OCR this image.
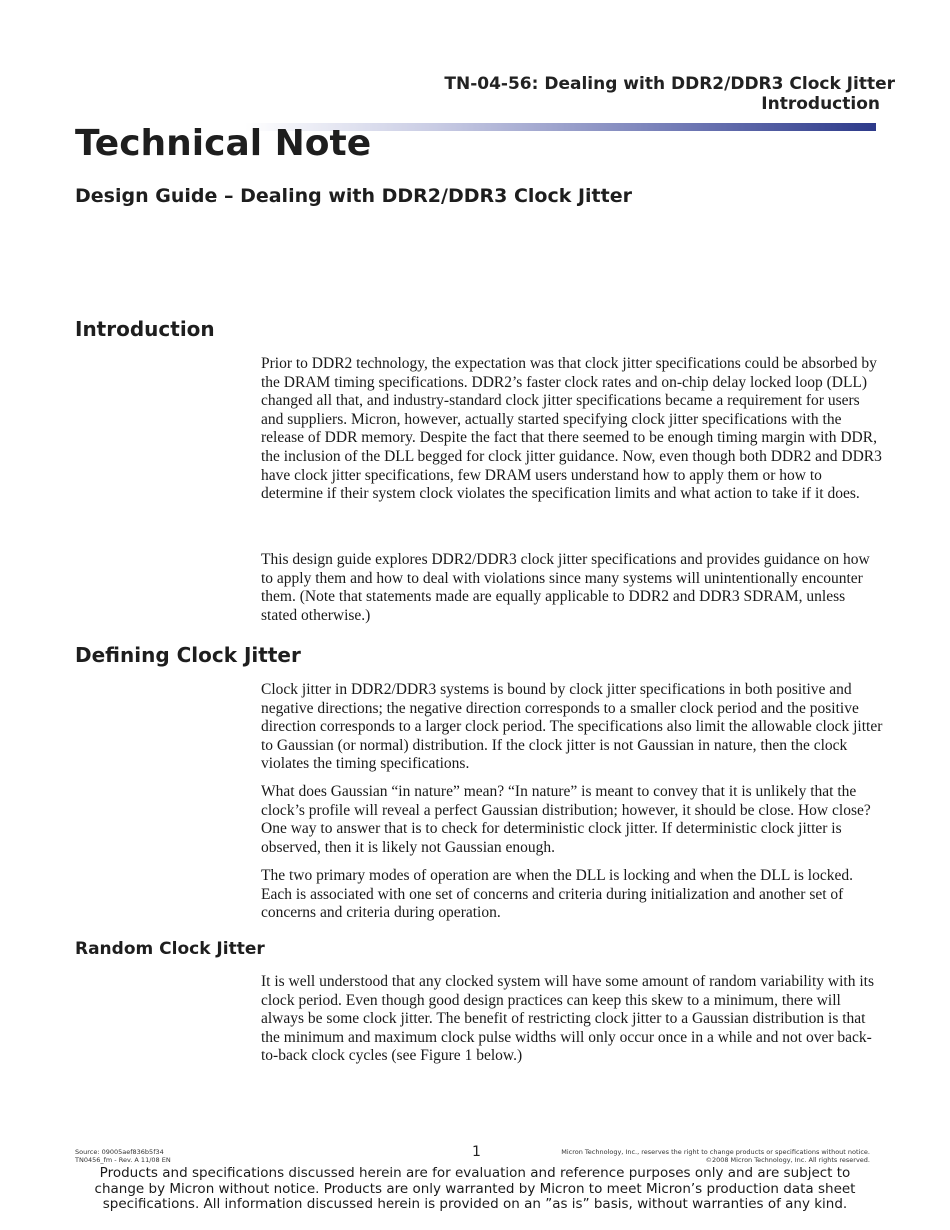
TN-04-56: Dealing with DDR2/DDR3 Clock Jitter
Introduction
Technical Note
Design Guide – Dealing with DDR2/DDR3 Clock Jitter
Introduction

Prior to DDR2 technology, the expectation was that clock jitter specifications could be absorbed by the DRAM timing specifications. DDR2’s faster clock rates and on-chip delay locked loop (DLL) changed all that, and industry-standard clock jitter specifications became a requirement for users and suppliers. Micron, however, actually started specifying clock jitter specifications with the release of DDR memory. Despite the fact that there seemed to be enough timing margin with DDR, the inclusion of the DLL begged for clock jitter guidance. Now, even though both DDR2 and DDR3 have clock jitter specifications, few DRAM users understand how to apply them or how to determine if their system clock violates the specification limits and what action to take if it does.

This design guide explores DDR2/DDR3 clock jitter specifications and provides guidance on how to apply them and how to deal with violations since many systems will unintentionally encounter them. (Note that statements made are equally applicable to DDR2 and DDR3 SDRAM, unless stated otherwise.)

Defining Clock Jitter

Clock jitter in DDR2/DDR3 systems is bound by clock jitter specifications in both positive and negative directions; the negative direction corresponds to a smaller clock period and the positive direction corresponds to a larger clock period. The specifications also limit the allowable clock jitter to Gaussian (or normal) distribution. If the clock jitter is not Gaussian in nature, then the clock violates the timing specifications.

What does Gaussian “in nature” mean? “In nature” is meant to convey that it is unlikely that the clock’s profile will reveal a perfect Gaussian distribution; however, it should be close. How close? One way to answer that is to check for deterministic clock jitter. If deterministic clock jitter is observed, then it is likely not Gaussian enough.

The two primary modes of operation are when the DLL is locking and when the DLL is locked. Each is associated with one set of concerns and criteria during initialization and another set of concerns and criteria during operation.

Random Clock Jitter

It is well understood that any clocked system will have some amount of random variability with its clock period. Even though good design practices can keep this skew to a minimum, there will always be some clock jitter. The benefit of restricting clock jitter to a Gaussian distribution is that the minimum and maximum clock pulse widths will only occur once in a while and not over back-to-back clock cycles (see Figure 1 below.)

Source: 09005aef836b5f34
TN0456_fm - Rev. A 11/08 EN	1	Micron Technology, Inc., reserves the right to change products or specifications without notice.
©2008 Micron Technology, Inc. All rights reserved.

Products and specifications discussed herein are for evaluation and reference purposes only and are subject to change by Micron without notice. Products are only warranted by Micron to meet Micron’s production data sheet specifications. All information discussed herein is provided on an ”as is” basis, without warranties of any kind.
